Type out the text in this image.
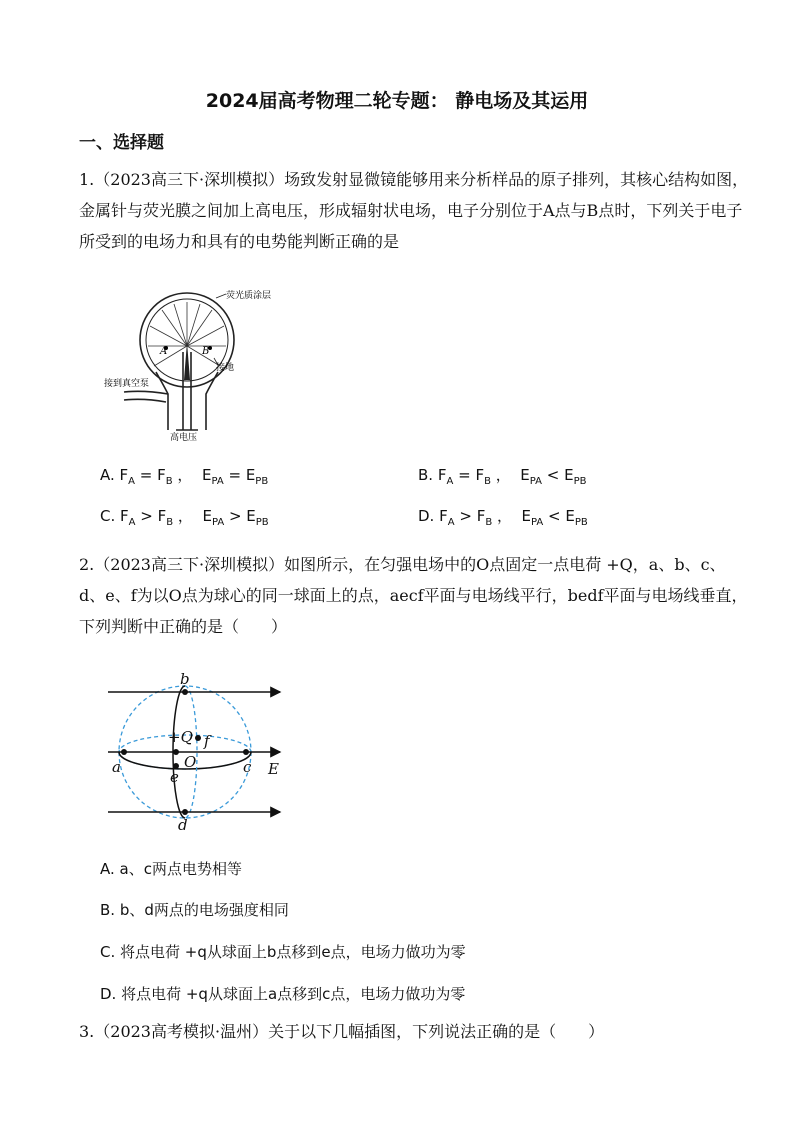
2024届高考物理二轮专题： 静电场及其运用
一、选择题
1.（2023高三下·深圳模拟）场致发射显微镜能够用来分析样品的原子排列，其核心结构如图，金属针与荧光膜之间加上高电压，形成辐射状电场，电子分别位于A点与B点时，下列关于电子所受到的电场力和具有的电势能判断正确的是
荧光质涂层
A	B
接地
接到真空泵
高电压
A. $F_A = F_B$ ，  $E_{PA} = E_{PB}$	B. $F_A = F_B$ ，  $E_{PA} < E_{PB}$
C. $F_A > F_B$ ，  $E_{PA} > E_{PB}$	D. $F_A > F_B$ ，  $E_{PA} < E_{PB}$
2.（2023高三下·深圳模拟）如图所示，在匀强电场中的O点固定一点电荷 +Q，a、b、c、d、e、f为以O点为球心的同一球面上的点，aecf平面与电场线平行，bedf平面与电场线垂直，下列判断中正确的是（　　）
b
d
a	c
e
f
+Q
O	E
A. a、c两点电势相等
B. b、d两点的电场强度相同
C. 将点电荷 +q从球面上b点移到e点，电场力做功为零
D. 将点电荷 +q从球面上a点移到c点，电场力做功为零
3.（2023高考模拟·温州）关于以下几幅插图，下列说法正确的是（　　）
